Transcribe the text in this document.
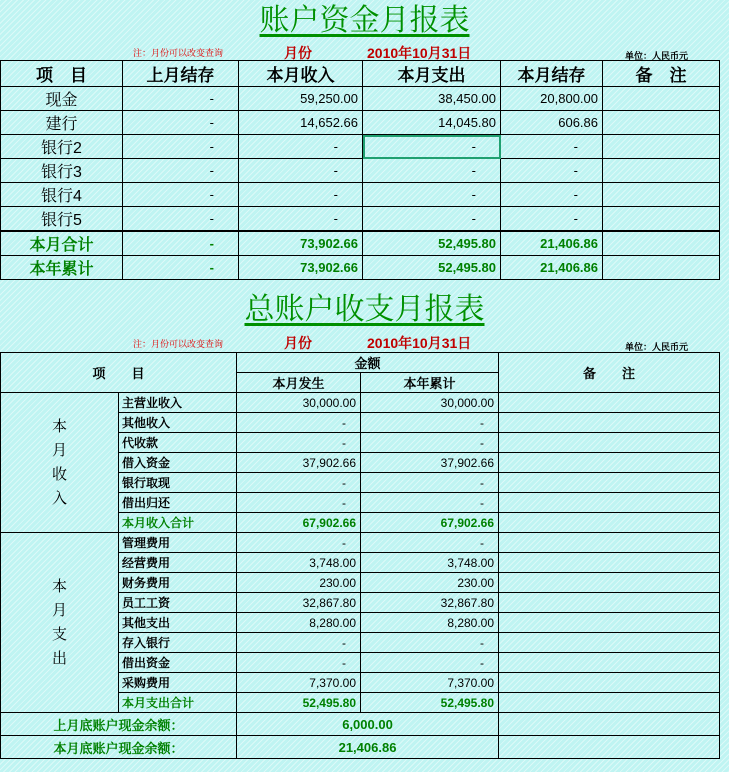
账户资金月报表
注：月份可以改变查询	月份	2010年10月31日	单位：人民币元
项　目	上月结存	本月收入	本月支出	本月结存	备　注
现金	-	59,250.00	38,450.00	20,800.00	
建行	-	14,652.66	14,045.80	606.86	
银行2	-	-	-	-	
银行3	-	-	-	-	
银行4	-	-	-	-	
银行5	-	-	-	-	
本月合计	-	73,902.66	52,495.80	21,406.86	
本年累计	-	73,902.66	52,495.80	21,406.86	
总账户收支月报表
注：月份可以改变查询	月份	2010年10月31日	单位：人民币元
项　　目		金额		备　　注
		本月发生	本年累计	
本
月
收
入	主营业收入	30,000.00	30,000.00	
	其他收入	-	-	
	代收款	-	-	
	借入资金	37,902.66	37,902.66	
	银行取现	-	-	
	借出归还	-	-	
	本月收入合计	67,902.66	67,902.66	
本
月
支
出	管理费用	-	-	
	经营费用	3,748.00	3,748.00	
	财务费用	230.00	230.00	
	员工工资	32,867.80	32,867.80	
	其他支出	8,280.00	8,280.00	
	存入银行	-	-	
	借出资金	-	-	
	采购费用	7,370.00	7,370.00	
	本月支出合计	52,495.80	52,495.80	
上月底账户现金余额：		6,000.00		
本月底账户现金余额：		21,406.86		
